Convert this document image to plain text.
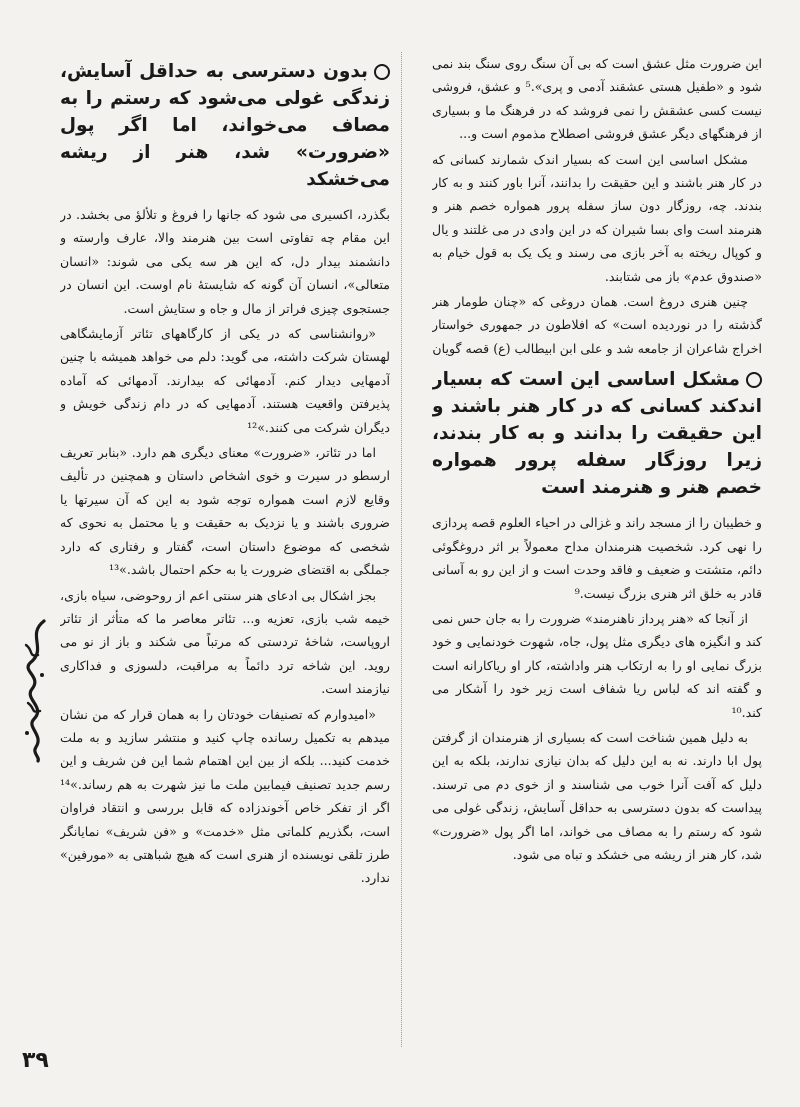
این ضرورت مثل عشق است که بی آن سنگ روی سنگ بند نمی شود و «طفیل هستی عشقند آدمی و پری».⁵ و عشق، فروشی نیست کسی عشقش را نمی فروشد که در فرهنگ ما و بسیاری از فرهنگهای دیگر عشق فروشی اصطلاح مذموم است و...

مشکل اساسی این است که بسیار اندک شمارند کسانی که در کار هنر باشند و این حقیقت را بدانند، آنرا باور کنند و به کار بندند. چه، روزگار دون ساز سفله پرور همواره خصم هنر و هنرمند است وای بسا شیران که در این وادی در می غلتند و یال و کوپال ریخته به آخر بازی می رسند و یک یک به قول خیام به «صندوق عدم» باز می شتابند.

چنین هنری دروغ است. همان دروغی که «چنان طومار هنر گذشته را در نوردیده است» که افلاطون در جمهوری خواستار اخراج شاعران از جامعه شد و علی ابن ابیطالب (ع) قصه گویان

مشکل اساسی این است که بسیار اندکند کسانی که در کار هنر باشند و این حقیقت را بدانند و به کار بندند، زیرا روزگار سفله پرور همواره خصم هنر و هنرمند است

و خطیبان را از مسجد راند و غزالی در احیاء العلوم قصه پردازی را نهی کرد. شخصیت هنرمندان مداح معمولاً بر اثر دروغگوئی دائم، متشتت و ضعیف و فاقد وحدت است و از این رو به آسانی قادر به خلق اثر هنری بزرگ نیست.⁹

از آنجا که «هنر پرداز ناهنرمند» ضرورت را به جان حس نمی کند و انگیزه های دیگری مثل پول، جاه، شهوت خودنمایی و خود بزرگ نمایی او را به ارتکاب هنر واداشته، کار او ریاکارانه است و گفته اند که لباس ریا شفاف است زیر خود را آشکار می کند.¹⁰

به دلیل همین شناخت است که بسیاری از هنرمندان از گرفتن پول ابا دارند. نه به این دلیل که بدان نیازی ندارند، بلکه به این دلیل که آفت آنرا خوب می شناسند و از خوی دم می ترسند. پیداست که بدون دسترسی به حداقل آسایش، زندگی غولی می شود که رستم را به مصاف می خواند، اما اگر پول «ضرورت» شد، کار هنر از ریشه می خشکد و تباه می شود.

بدون دسترسی به حداقل آسایش، زندگی غولی می‌شود که رستم را به مصاف می‌خواند، اما اگر پول «ضرورت» شد، هنر از ریشه می‌خشکد

بگذرد، اکسیری می شود که جانها را فروغ و تلألؤ می بخشد. در این مقام چه تفاوتی است بین هنرمند والا، عارف وارسته و دانشمند بیدار دل، که این هر سه یکی می شوند: «انسان متعالی»، انسان آن گونه که شایستهٔ نام اوست. این انسان در جستجوی چیزی فراتر از مال و جاه و ستایش است.

«روانشناسی که در یکی از کارگاههای تئاتر آزمایشگاهی لهستان شرکت داشته، می گوید: دلم می خواهد همیشه با چنین آدمهایی دیدار کنم. آدمهائی که بیدارند. آدمهائی که آماده پذیرفتن واقعیت هستند. آدمهایی که در دام زندگی خویش و دیگران شرکت می کنند.»¹²

اما در تئاتر، «ضرورت» معنای دیگری هم دارد. «بنابر تعریف ارسطو در سیرت و خوی اشخاص داستان و همچنین در تألیف وقایع لازم است همواره توجه شود به این که آن سیرتها یا ضروری باشند و یا نزدیک به حقیقت و یا محتمل به نحوی که شخصی که موضوع داستان است، گفتار و رفتاری که دارد جملگی به اقتضای ضرورت یا به حکم احتمال باشد.»¹³

بجز اشکال بی ادعای هنر سنتی اعم از روحوضی، سیاه بازی، خیمه شب بازی، تعزیه و... تئاتر معاصر ما که متأثر از تئاتر اروپاست، شاخهٔ تردستی که مرتباً می شکند و باز از نو می روید. این شاخه ترد دائماً به مراقبت، دلسوزی و فداکاری نیازمند است.

«امیدوارم که تصنیفات خودتان را به همان قرار که من نشان میدهم به تکمیل رسانده چاپ کنید و منتشر سازید و به ملت خدمت کنید... بلکه از بین این اهتمام شما این فن شریف و این رسم جدید تصنیف فیمابین ملت ما نیز شهرت به هم رساند.»¹⁴ اگر از تفکر خاص آخوندزاده که قابل بررسی و انتقاد فراوان است، بگذریم کلماتی مثل «خدمت» و «فن شریف» نمایانگر طرز تلقی نویسنده از هنری است که هیچ شباهتی به «مورفین» ندارد.

۳۹
